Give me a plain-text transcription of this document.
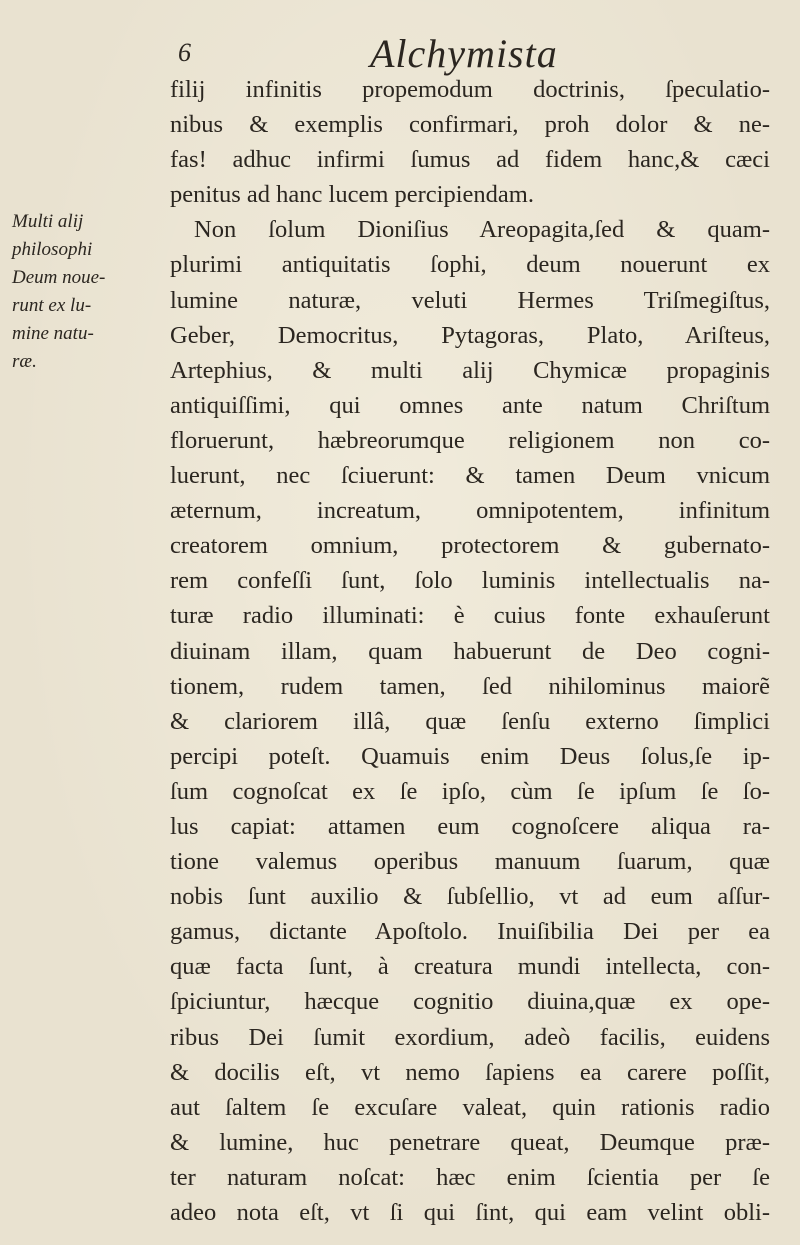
6	Alchymista
Multi alij
philosophi
Deum noue-
runt ex lu-
mine natu-
ræ.
filij infinitis propemodum doctrinis, ſpeculatio-
nibus & exemplis confirmari, proh dolor & ne-
fas! adhuc infirmi ſumus ad fidem hanc,& cæci
penitus ad hanc lucem percipiendam.
Non ſolum Dioniſius Areopagita,ſed & quam-
plurimi antiquitatis ſophi, deum nouerunt ex
lumine naturæ, veluti Hermes Triſmegiſtus,
Geber, Democritus, Pytagoras, Plato, Ariſteus,
Artephius, & multi alij Chymicæ propaginis
antiquiſſimi, qui omnes ante natum Chriſtum
floruerunt, hæbreorumque religionem non co-
luerunt, nec ſciuerunt: & tamen Deum vnicum
æternum, increatum, omnipotentem, infinitum
creatorem omnium, protectorem & gubernato-
rem confeſſi ſunt, ſolo luminis intellectualis na-
turæ radio illuminati: è cuius fonte exhauſerunt
diuinam illam, quam habuerunt de Deo cogni-
tionem, rudem tamen, ſed nihilominus maiorẽ
& clariorem illâ, quæ ſenſu externo ſimplici
percipi poteſt. Quamuis enim Deus ſolus,ſe ip-
ſum cognoſcat ex ſe ipſo, cùm ſe ipſum ſe ſo-
lus capiat: attamen eum cognoſcere aliqua ra-
tione valemus operibus manuum ſuarum, quæ
nobis ſunt auxilio & ſubſellio, vt ad eum aſſur-
gamus, dictante Apoſtolo. Inuiſibilia Dei per ea
quæ facta ſunt, à creatura mundi intellecta, con-
ſpiciuntur, hæcque cognitio diuina,quæ ex ope-
ribus Dei ſumit exordium, adeò facilis, euidens
& docilis eſt, vt nemo ſapiens ea carere poſſit,
aut ſaltem ſe excuſare valeat, quin rationis radio
& lumine, huc penetrare queat, Deumque præ-
ter naturam noſcat: hæc enim ſcientia per ſe
adeo nota eſt, vt ſi qui ſint, qui eam velint obli-
